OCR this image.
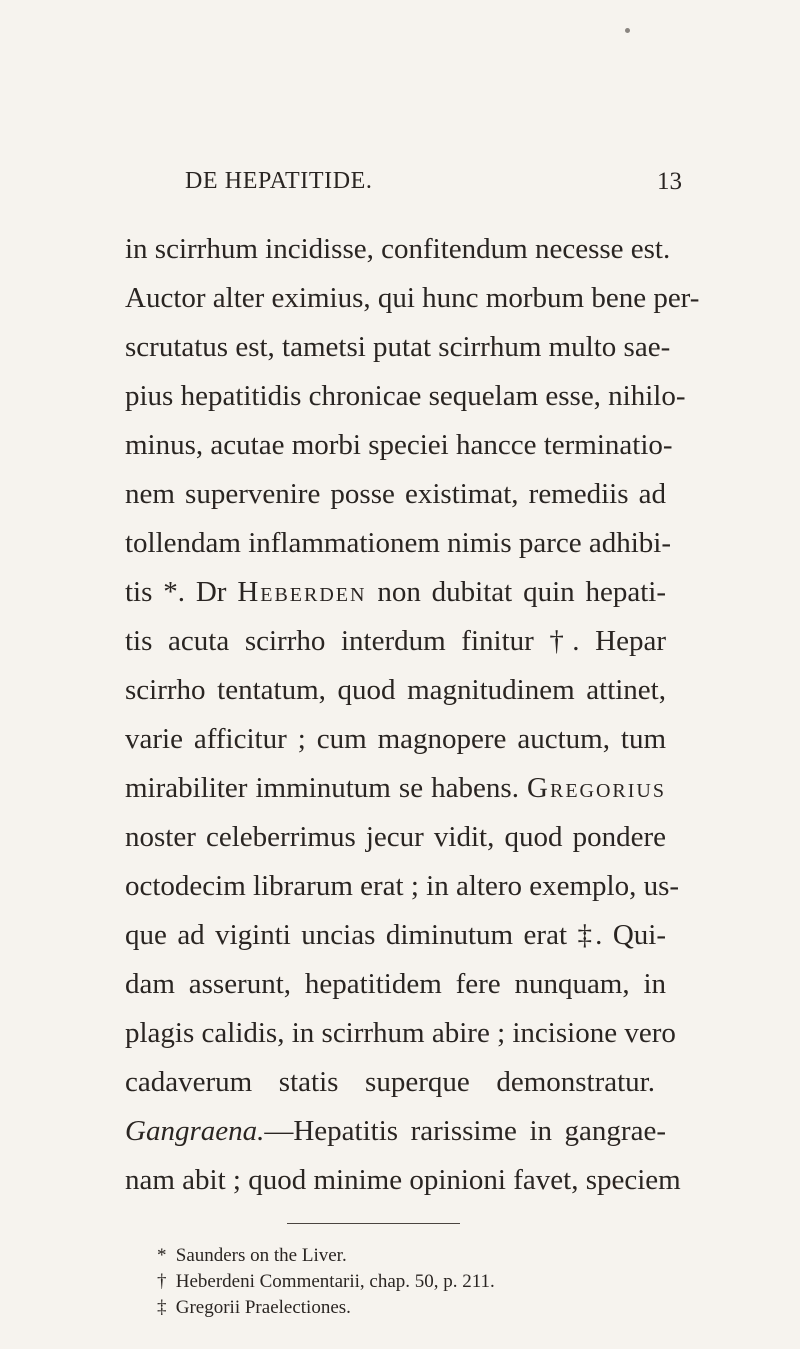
DE HEPATITIDE.	13
in scirrhum incidisse, confitendum necesse est.
Auctor alter eximius, qui hunc morbum bene per-
scrutatus est, tametsi putat scirrhum multo sae-
pius hepatitidis chronicae sequelam esse, nihilo-
minus, acutae morbi speciei hancce terminatio-
nem supervenire posse existimat, remediis ad
tollendam inflammationem nimis parce adhibi-
tis *. Dr Heberden non dubitat quin hepati-
tis acuta scirrho interdum finitur †. Hepar
scirrho tentatum, quod magnitudinem attinet,
varie afficitur ; cum magnopere auctum, tum
mirabiliter imminutum se habens. Gregorius
noster celeberrimus jecur vidit, quod pondere
octodecim librarum erat ; in altero exemplo, us-
que ad viginti uncias diminutum erat ‡. Qui-
dam asserunt, hepatitidem fere nunquam, in
plagis calidis, in scirrhum abire ; incisione vero
cadaverum statis superque demonstratur.
Gangraena.—Hepatitis rarissime in gangrae-
nam abit ; quod minime opinioni favet, speciem
* Saunders on the Liver.
† Heberdeni Commentarii, chap. 50, p. 211.
‡ Gregorii Praelectiones.
